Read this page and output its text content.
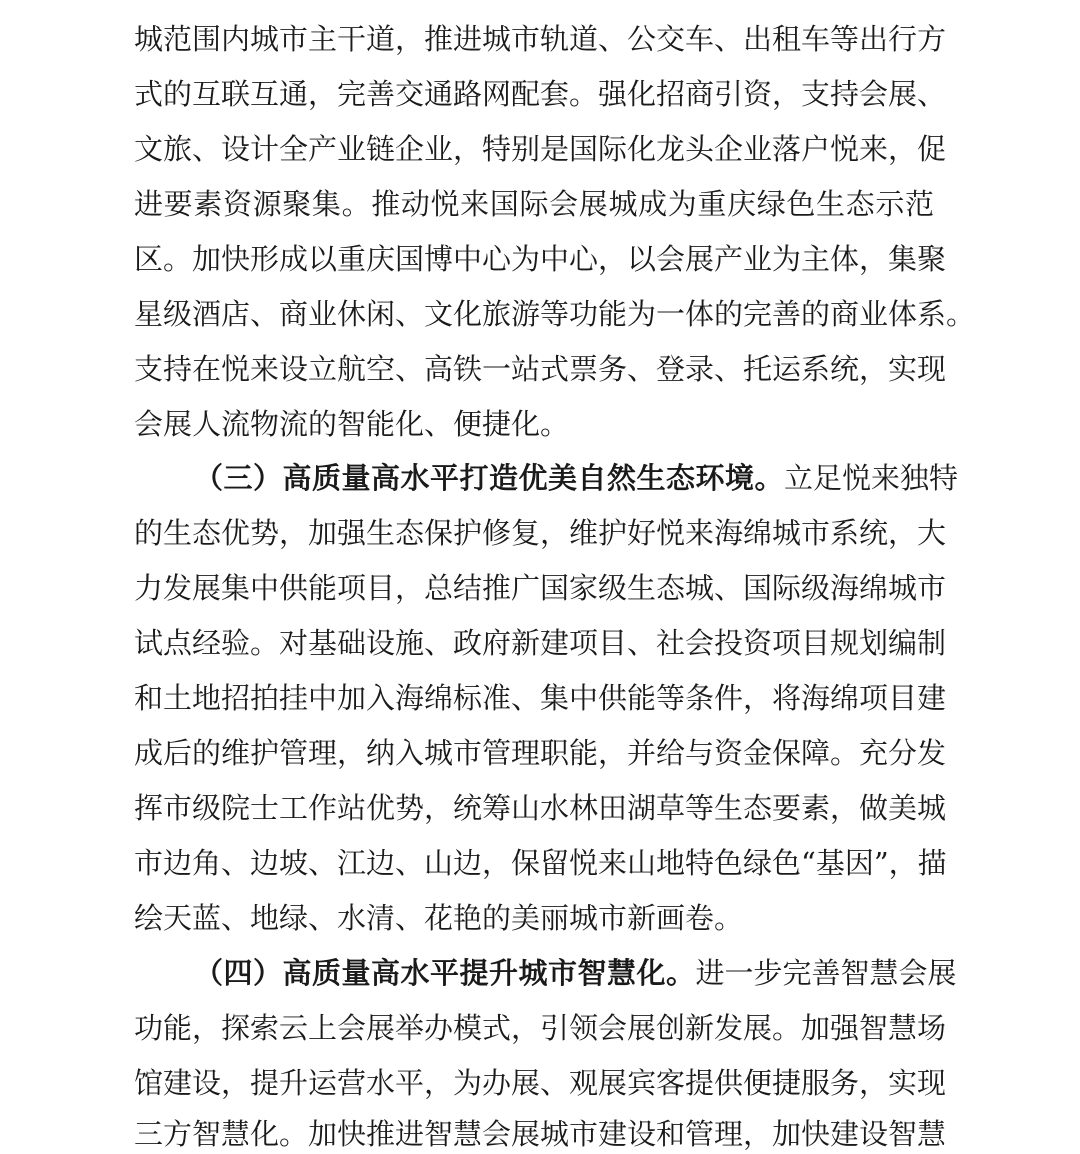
城范围内城市主干道，推进城市轨道、公交车、出租车等出行方
式的互联互通，完善交通路网配套。强化招商引资，支持会展、
文旅、设计全产业链企业，特别是国际化龙头企业落户悦来，促
进要素资源聚集。推动悦来国际会展城成为重庆绿色生态示范
区。加快形成以重庆国博中心为中心，以会展产业为主体，集聚
星级酒店、商业休闲、文化旅游等功能为一体的完善的商业体系。
支持在悦来设立航空、高铁一站式票务、登录、托运系统，实现
会展人流物流的智能化、便捷化。
（三）高质量高水平打造优美自然生态环境。立足悦来独特
的生态优势，加强生态保护修复，维护好悦来海绵城市系统，大
力发展集中供能项目，总结推广国家级生态城、国际级海绵城市
试点经验。对基础设施、政府新建项目、社会投资项目规划编制
和土地招拍挂中加入海绵标准、集中供能等条件，将海绵项目建
成后的维护管理，纳入城市管理职能，并给与资金保障。充分发
挥市级院士工作站优势，统筹山水林田湖草等生态要素，做美城
市边角、边坡、江边、山边，保留悦来山地特色绿色“基因”，描
绘天蓝、地绿、水清、花艳的美丽城市新画卷。
（四）高质量高水平提升城市智慧化。进一步完善智慧会展
功能，探索云上会展举办模式，引领会展创新发展。加强智慧场
馆建设，提升运营水平，为办展、观展宾客提供便捷服务，实现
三方智慧化。加快推进智慧会展城市建设和管理，加快建设智慧
